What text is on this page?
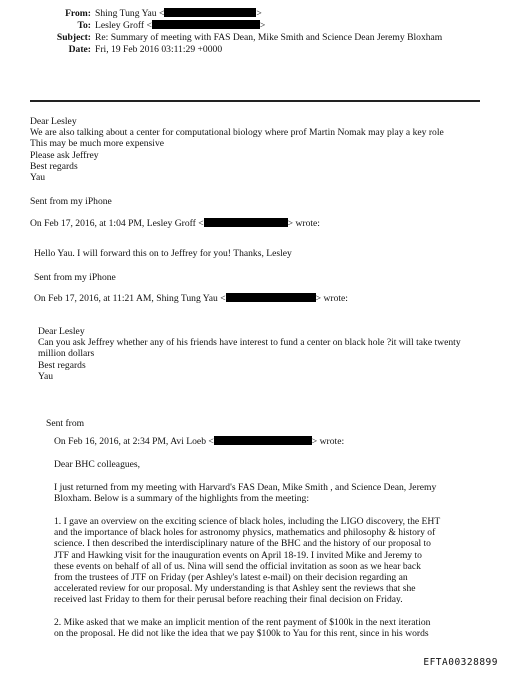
From: Shing Tung Yau <	>
To: Lesley Groff <	>
Subject: Re: Summary of meeting with FAS Dean, Mike Smith and Science Dean Jeremy Bloxham
Date: Fri, 19 Feb 2016 03:11:29 +0000
Dear Lesley
We are also talking about a center for computational biology where prof Martin Nomak may play a key role
This may be much more expensive
Please ask Jeffrey
Best regards
Yau
Sent from my iPhone
On Feb 17, 2016, at 1:04 PM, Lesley Groff <	> wrote:
Hello Yau. I will forward this on to Jeffrey for you! Thanks, Lesley
Sent from my iPhone
On Feb 17, 2016, at 11:21 AM, Shing Tung Yau <	> wrote:
Dear Lesley
Can you ask Jeffrey whether any of his friends have interest to fund a center on black hole ?it will take twenty
million dollars
Best regards
Yau
Sent from
On Feb 16, 2016, at 2:34 PM, Avi Loeb <	> wrote:
Dear BHC colleagues,
I just returned from my meeting with Harvard's FAS Dean, Mike Smith , and Science Dean, Jeremy
Bloxham. Below is a summary of the highlights from the meeting:
1. I gave an overview on the exciting science of black holes, including the LIGO discovery, the EHT
and the importance of black holes for astronomy physics, mathematics and philosophy & history of
science. I then described the interdisciplinary nature of the BHC and the history of our proposal to
JTF and Hawking visit for the inauguration events on April 18-19. I invited Mike and Jeremy to
these events on behalf of all of us. Nina will send the official invitation as soon as we hear back
from the trustees of JTF on Friday (per Ashley's latest e-mail) on their decision regarding an
accelerated review for our proposal. My understanding is that Ashley sent the reviews that she
received last Friday to them for their perusal before reaching their final decision on Friday.
2. Mike asked that we make an implicit mention of the rent payment of $100k in the next iteration
on the proposal. He did not like the idea that we pay $100k to Yau for this rent, since in his words
EFTA00328899
